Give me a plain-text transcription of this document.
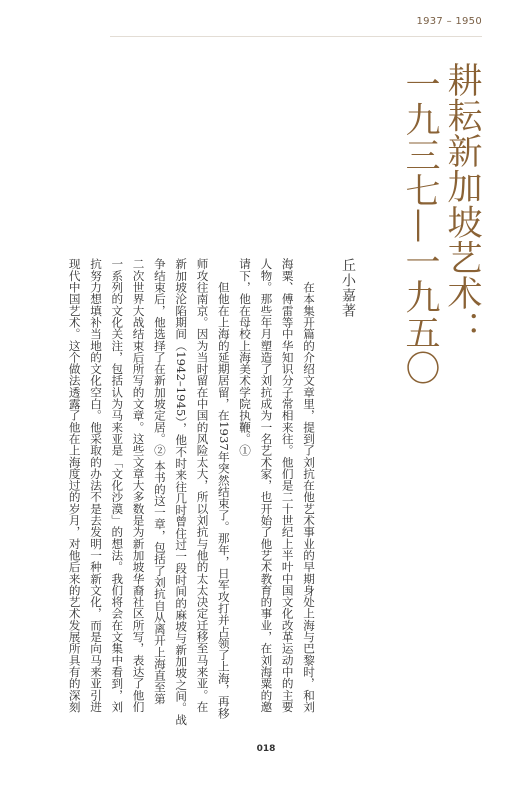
1937 – 1950
耕耘新加坡艺术：
一九三七—一九五〇
丘小嘉著
　　在本集开篇的介绍文章里，提到了刘抗在他艺术事业的早期身处上海与巴黎时，和刘
海粟、傅雷等中华知识分子常相来往。他们是二十世纪上半叶中国文化改革运动中的主要
人物。那些年月塑造了刘抗成为一名艺术家，也开始了他艺术教育的事业，在刘海粟的邀
请下，他在母校上海美术学院执鞭。①
　　但他在上海的延期居留，在1937年突然结束了。那年，日军攻打并占领了上海，再移
师攻往南京。因为当时留在中国的风险太大，所以刘抗与他的太太决定迁移至马来亚。在
新加坡沦陷期间（1942–1945），他不时来往几时曾住过一段时间的麻坡与新加坡之间。战
争结束后，他选择了在新加坡定居。② 本书的这一章，包括了刘抗自从离开上海直至第
二次世界大战结束后所写的文章。这些文章大多数是为新加坡华裔社区所写，表达了他们
一系列的文化关注，包括认为马来亚是「文化沙漠」的想法。我们将会在文集中看到，刘
抗努力想填补当地的文化空白。他采取的办法不是去发明一种新文化，而是向马来亚引进
现代中国艺术。这个做法透露了他在上海度过的岁月，对他后来的艺术发展所具有的深刻
018
